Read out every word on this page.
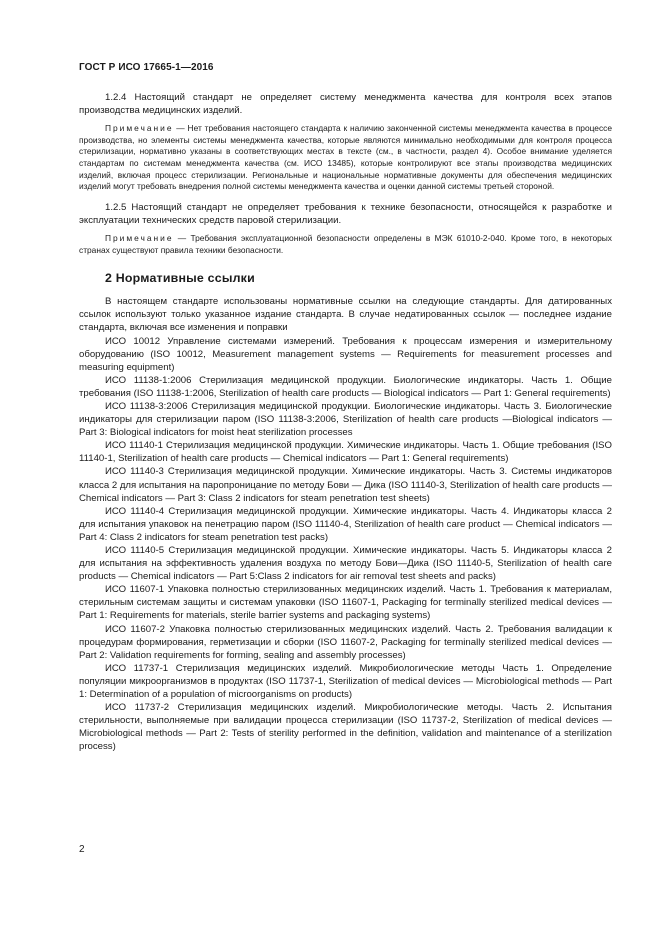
ГОСТ Р ИСО 17665-1—2016

1.2.4 Настоящий стандарт не определяет систему менеджмента качества для контроля всех этапов производства медицинских изделий.

Примечание — Нет требования настоящего стандарта к наличию законченной системы менеджмента качества в процессе производства, но элементы системы менеджмента качества, которые являются минимально необходимыми для контроля процесса стерилизации, нормативно указаны в соответствующих местах в тексте (см., в частности, раздел 4). Особое внимание уделяется стандартам по системам менеджмента качества (см. ИСО 13485), которые контролируют все этапы производства медицинских изделий, включая процесс стерилизации. Региональные и национальные нормативные документы для обеспечения медицинских изделий могут требовать внедрения полной системы менеджмента качества и оценки данной системы третьей стороной.

1.2.5 Настоящий стандарт не определяет требования к технике безопасности, относящейся к разработке и эксплуатации технических средств паровой стерилизации.

Примечание — Требования эксплуатационной безопасности определены в МЭК 61010-2-040. Кроме того, в некоторых странах существуют правила техники безопасности.

2 Нормативные ссылки

В настоящем стандарте использованы нормативные ссылки на следующие стандарты. Для датированных ссылок используют только указанное издание стандарта. В случае недатированных ссылок — последнее издание стандарта, включая все изменения и поправки

ИСО 10012 Управление системами измерений. Требования к процессам измерения и измерительному оборудованию (ISO 10012, Measurement management systems — Requirements for measurement processes and measuring equipment)

ИСО 11138-1:2006 Стерилизация медицинской продукции. Биологические индикаторы. Часть 1. Общие требования (ISO 11138-1:2006, Sterilization of health care products — Biological indicators — Part 1: General requirements)

ИСО 11138-3:2006 Стерилизация медицинской продукции. Биологические индикаторы. Часть 3. Биологические индикаторы для стерилизации паром (ISO 11138-3:2006, Sterilization of health care products —Biological indicators — Part 3: Biological indicators for moist heat sterilization processes

ИСО 11140-1 Стерилизация медицинской продукции. Химические индикаторы. Часть 1. Общие требования (ISO 11140-1, Sterilization of health care products — Chemical indicators — Part 1: General requirements)

ИСО 11140-3 Стерилизация медицинской продукции. Химические индикаторы. Часть 3. Системы индикаторов класса 2 для испытания на паропроницание по методу Бови — Дика (ISO 11140-3, Sterilization of health care products — Chemical indicators — Part 3: Class 2 indicators for steam penetration test sheets)

ИСО 11140-4 Стерилизация медицинской продукции. Химические индикаторы. Часть 4. Индикаторы класса 2 для испытания упаковок на пенетрацию паром (ISO 11140-4, Sterilization of health care product — Chemical indicators — Part 4: Class 2 indicators for steam penetration test packs)

ИСО 11140-5 Стерилизация медицинской продукции. Химические индикаторы. Часть 5. Индикаторы класса 2 для испытания на эффективность удаления воздуха по методу Бови—Дика (ISO 11140-5, Sterilization of health care products — Chemical indicators — Part 5:Class 2 indicators for air removal test sheets and packs)

ИСО 11607-1 Упаковка полностью стерилизованных медицинских изделий. Часть 1. Требования к материалам, стерильным системам защиты и системам упаковки (ISO 11607-1, Packaging for terminally sterilized medical devices — Part 1: Requirements for materials, sterile barrier systems and packaging systems)

ИСО 11607-2 Упаковка полностью стерилизованных медицинских изделий. Часть 2. Требования валидации к процедурам формирования, герметизации и сборки (ISO 11607-2, Packaging for terminally sterilized medical devices — Part 2: Validation requirements for forming, sealing and assembly processes)

ИСО 11737-1 Стерилизация медицинских изделий. Микробиологические методы Часть 1. Определение популяции микроорганизмов в продуктах (ISO 11737-1, Sterilization of medical devices — Microbiological methods — Part 1: Determination of a population of microorganisms on products)

ИСО 11737-2 Стерилизация медицинских изделий. Микробиологические методы. Часть 2. Испытания стерильности, выполняемые при валидации процесса стерилизации (ISO 11737-2, Sterilization of medical devices — Microbiological methods — Part 2: Tests of sterility performed in the definition, validation and maintenance of a sterilization process)

2
